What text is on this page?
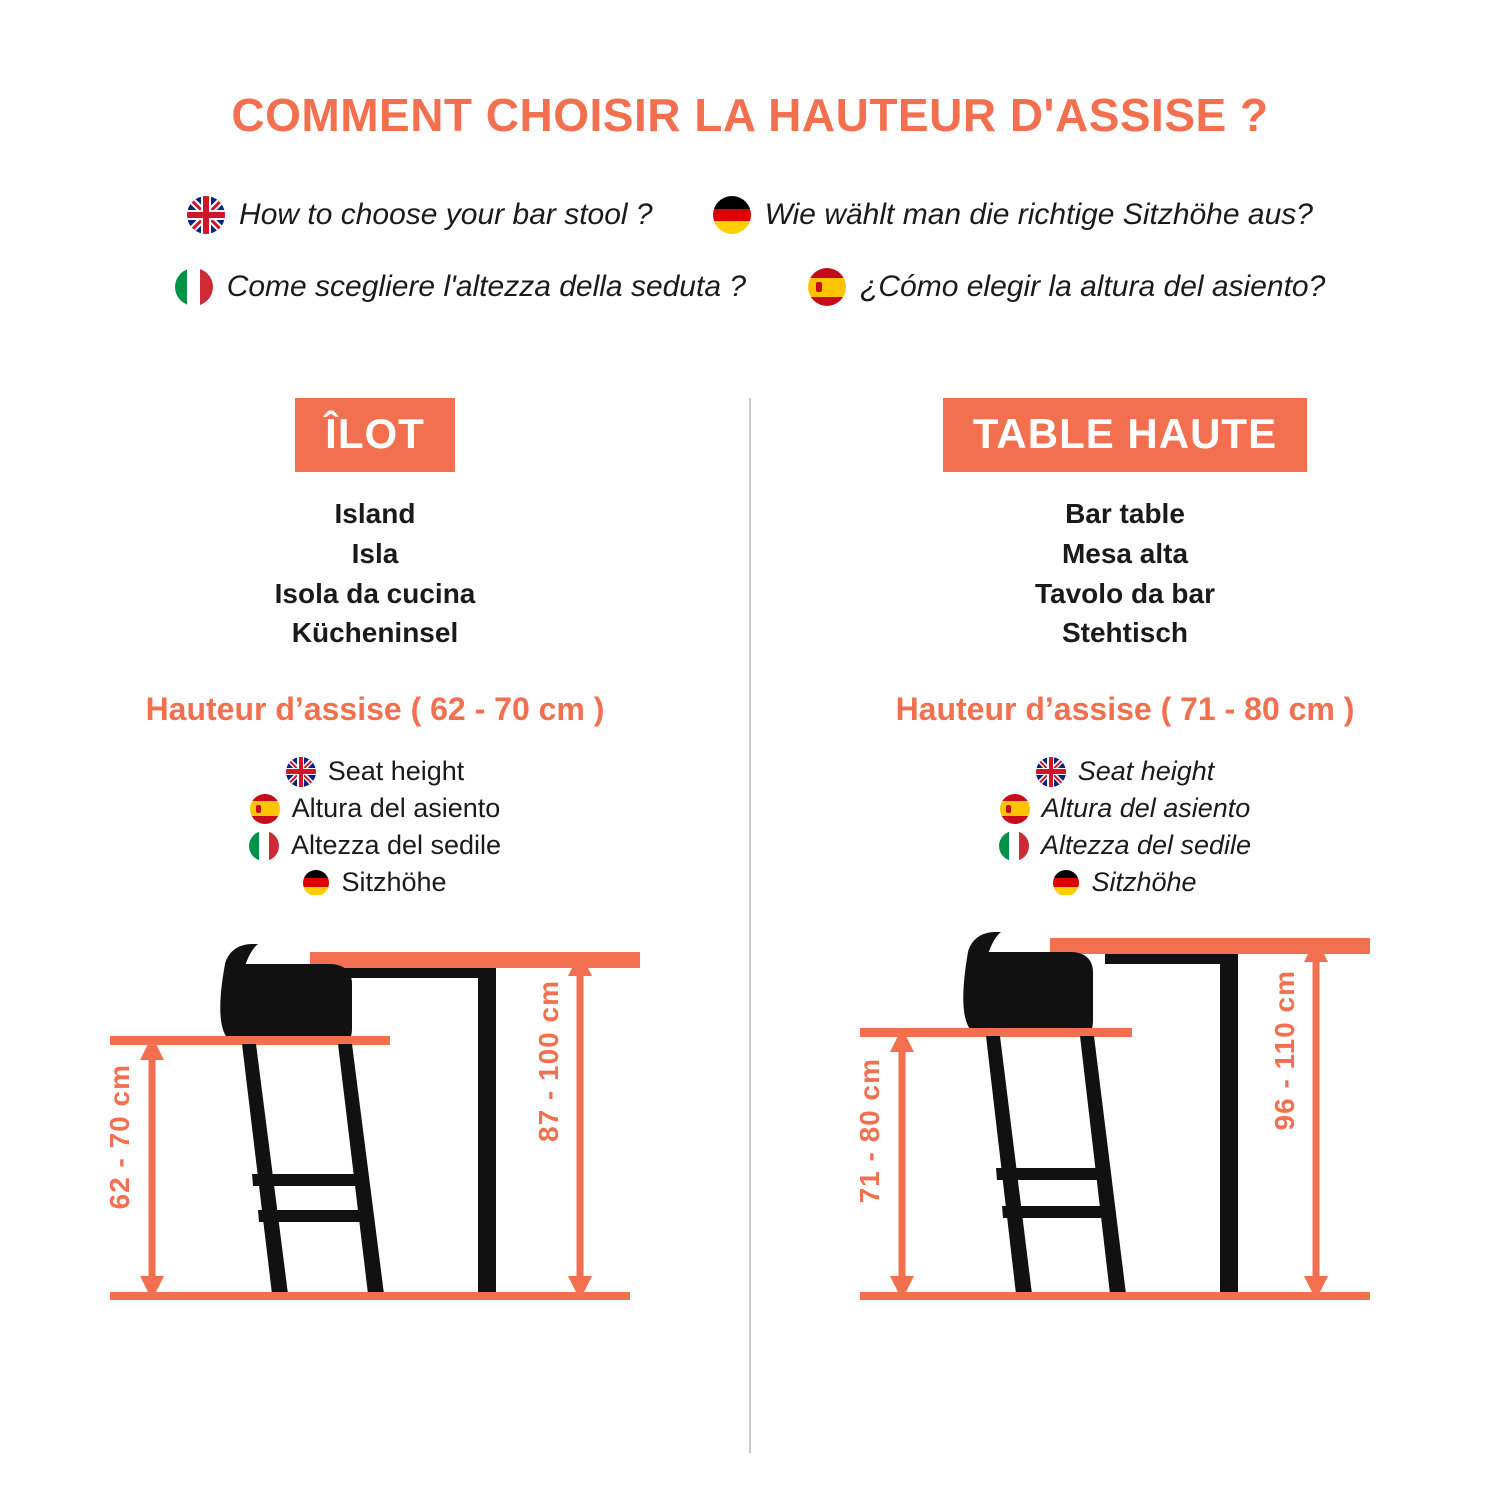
COMMENT CHOISIR LA HAUTEUR D'ASSISE ?
How to choose your bar stool ?	Wie wählt man die richtige Sitzhöhe aus?
Come scegliere l'altezza della seduta ?	¿Cómo elegir la altura del asiento?
ÎLOT
Island
Isla
Isola da cucina
Kücheninsel
Hauteur d’assise ( 62 - 70 cm )
Seat height
Altura del asiento
Altezza del sedile
Sitzhöhe
62 - 70 cm	87 - 100 cm
TABLE HAUTE
Bar table
Mesa alta
Tavolo da bar
Stehtisch
Hauteur d’assise ( 71 - 80 cm )
Seat height
Altura del asiento
Altezza del sedile
Sitzhöhe
71 - 80 cm
96 - 110 cm
